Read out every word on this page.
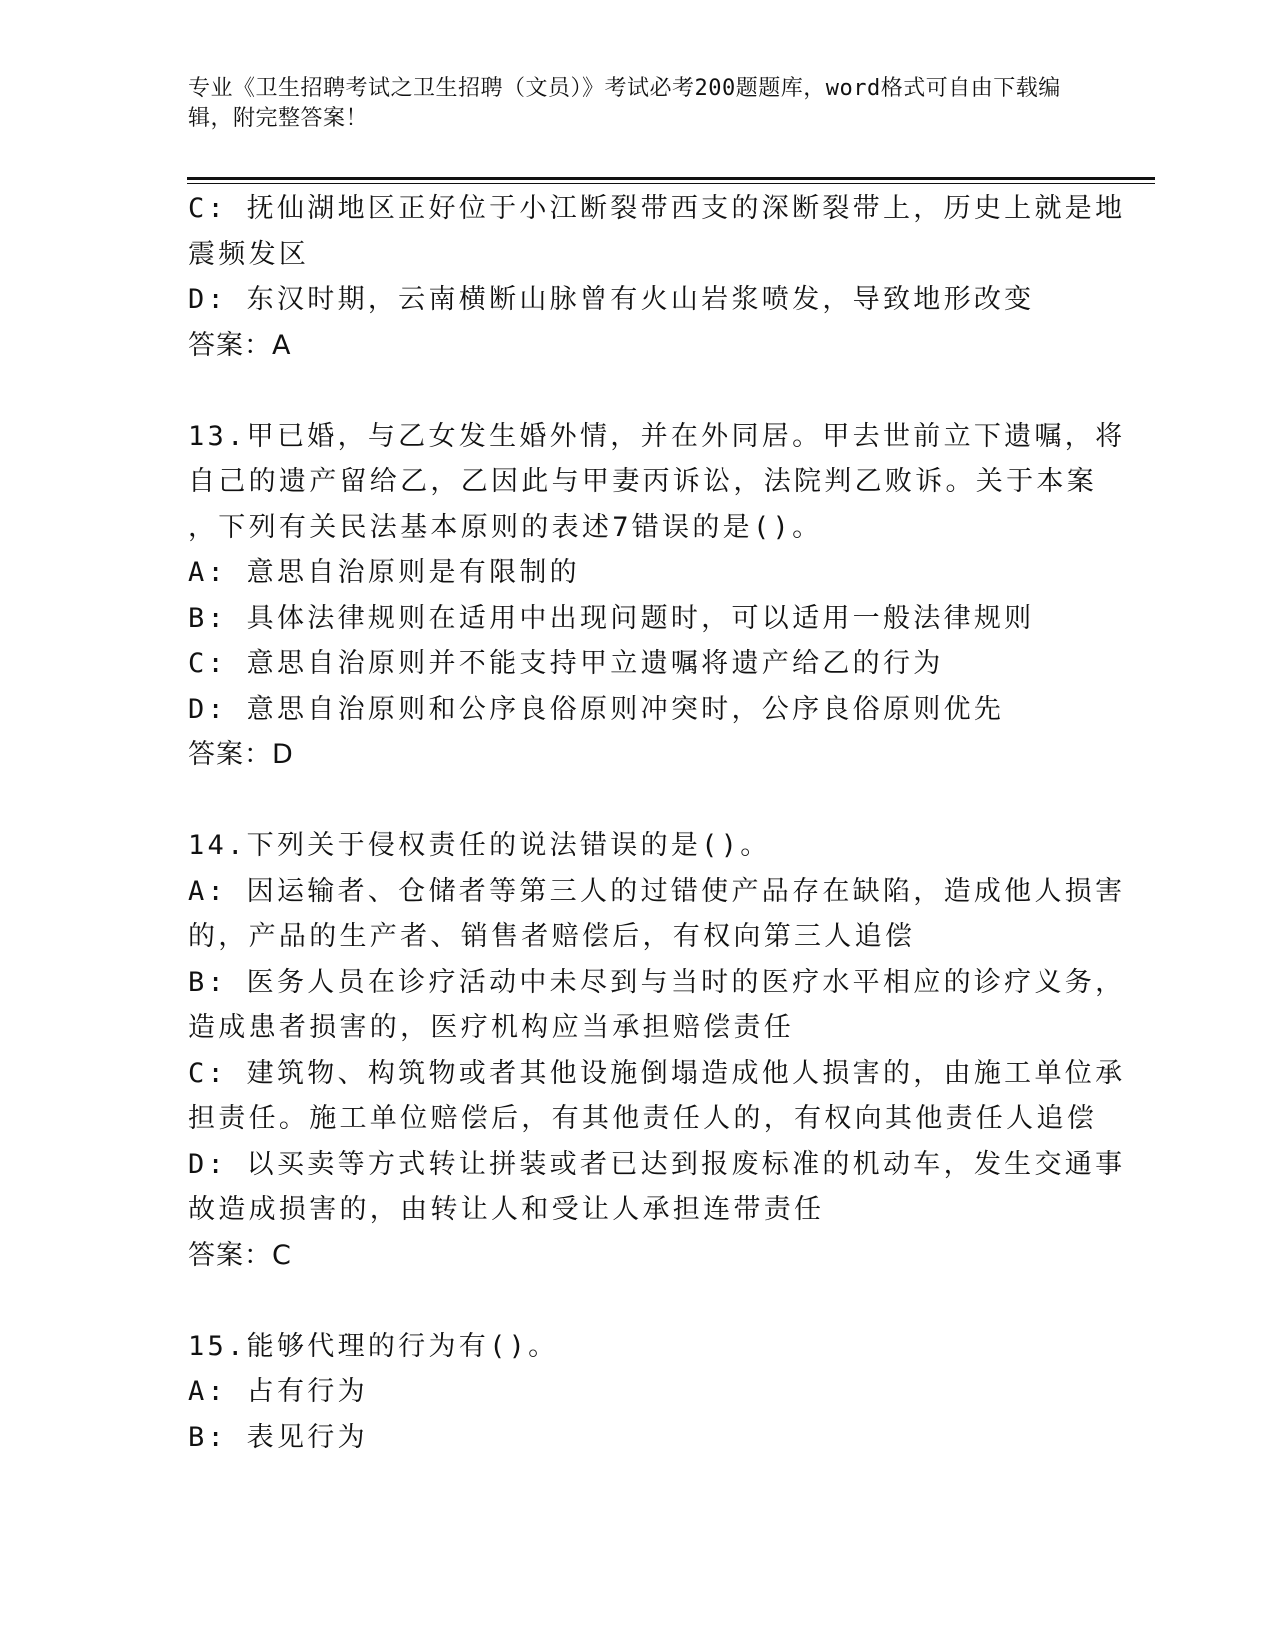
专业《卫生招聘考试之卫生招聘（文员）》考试必考200题题库，word格式可自由下载编辑，附完整答案！
C: 抚仙湖地区正好位于小江断裂带西支的深断裂带上，历史上就是地
震频发区
D: 东汉时期，云南横断山脉曾有火山岩浆喷发，导致地形改变
答案：A
13.甲已婚，与乙女发生婚外情，并在外同居。甲去世前立下遗嘱，将
自己的遗产留给乙，乙因此与甲妻丙诉讼，法院判乙败诉。关于本案
，下列有关民法基本原则的表述7错误的是()。
A: 意思自治原则是有限制的
B: 具体法律规则在适用中出现问题时，可以适用一般法律规则
C: 意思自治原则并不能支持甲立遗嘱将遗产给乙的行为
D: 意思自治原则和公序良俗原则冲突时，公序良俗原则优先
答案：D
14.下列关于侵权责任的说法错误的是()。
A: 因运输者、仓储者等第三人的过错使产品存在缺陷，造成他人损害
的，产品的生产者、销售者赔偿后，有权向第三人追偿
B: 医务人员在诊疗活动中未尽到与当时的医疗水平相应的诊疗义务，
造成患者损害的，医疗机构应当承担赔偿责任
C: 建筑物、构筑物或者其他设施倒塌造成他人损害的，由施工单位承
担责任。施工单位赔偿后，有其他责任人的，有权向其他责任人追偿
D: 以买卖等方式转让拼装或者已达到报废标准的机动车，发生交通事
故造成损害的，由转让人和受让人承担连带责任
答案：C
15.能够代理的行为有()。
A: 占有行为
B: 表见行为
